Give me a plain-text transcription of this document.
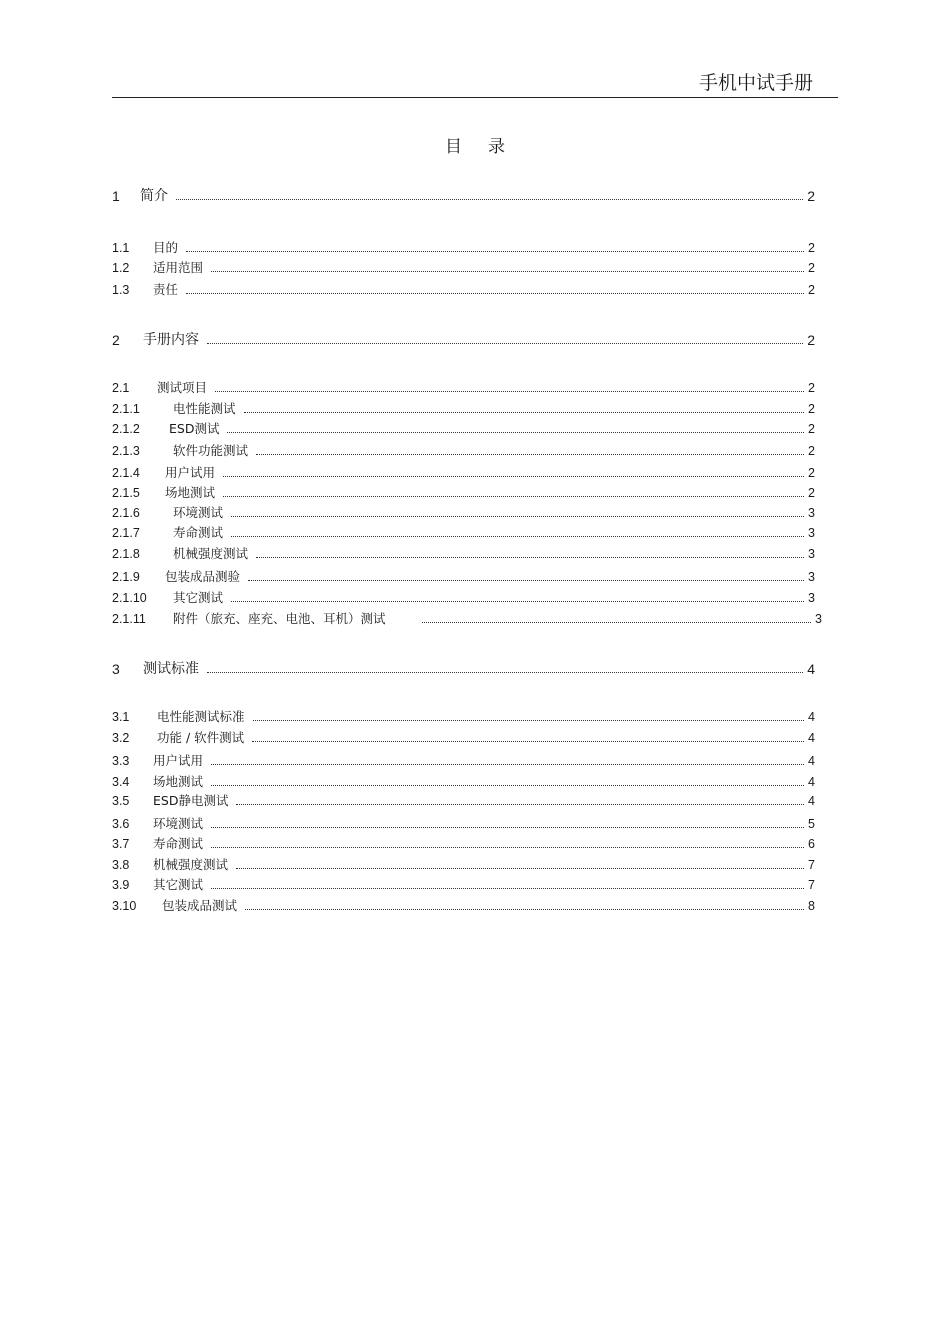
手机中试手册
目 录
1	简介	2
1.1	目的	2
1.2	适用范围	2
1.3	责任	2
2	手册内容	2
2.1	测试项目	2
2.1.1	电性能测试	2
2.1.2	ESD测试	2
2.1.3	软件功能测试	2
2.1.4	用户试用	2
2.1.5	场地测试	2
2.1.6	环境测试	3
2.1.7	寿命测试	3
2.1.8	机械强度测试	3
2.1.9	包装成品测验	3
2.1.10	其它测试	3
2.1.11	附件（旅充、座充、电池、耳机）测试	3
3	测试标准	4
3.1	电性能测试标准	4
3.2	功能 / 软件测试	4
3.3	用户试用	4
3.4	场地测试	4
3.5	ESD静电测试	4
3.6	环境测试	5
3.7	寿命测试	6
3.8	机械强度测试	7
3.9	其它测试	7
3.10	包装成品测试	8
